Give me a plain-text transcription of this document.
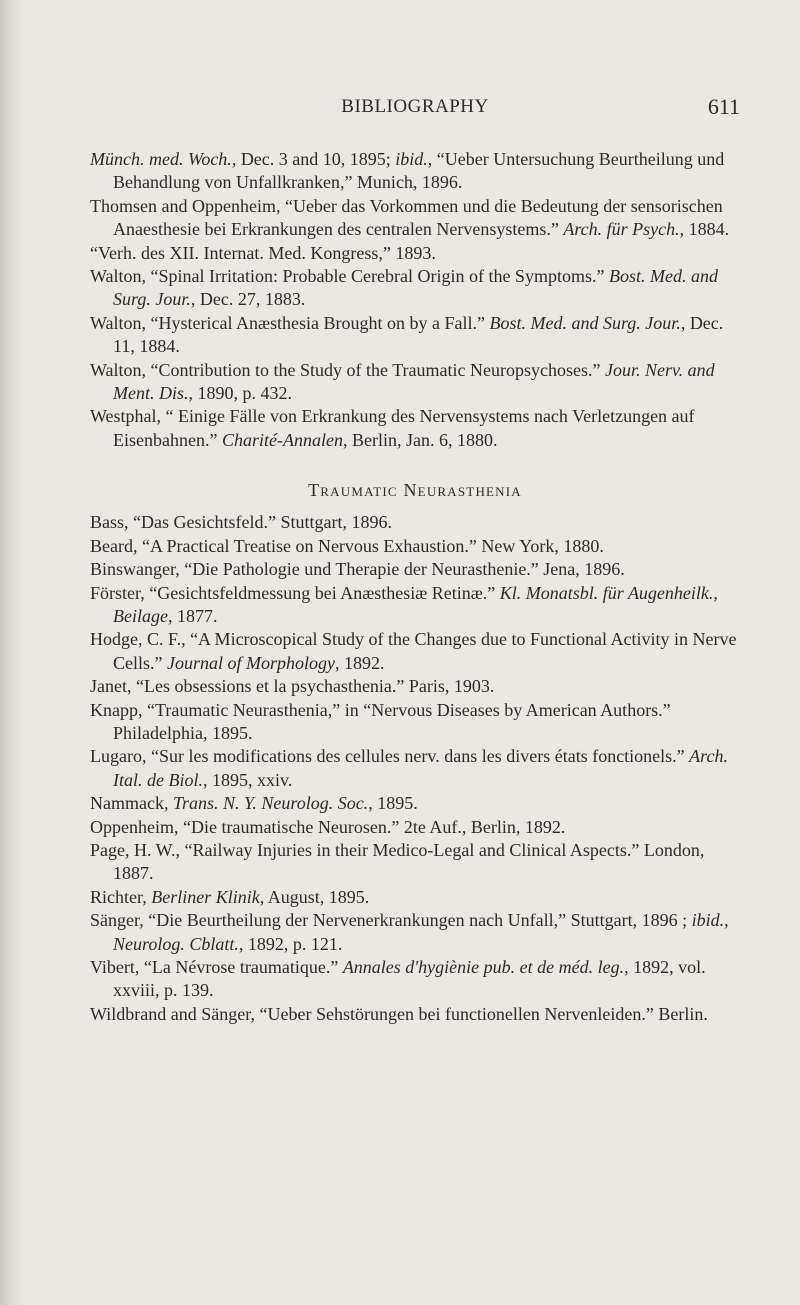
BIBLIOGRAPHY	611

Münch. med. Woch., Dec. 3 and 10, 1895; ibid., “Ueber Untersuchung Beurtheilung und Behandlung von Unfallkranken,” Munich, 1896.

Thomsen and Oppenheim, “Ueber das Vorkommen und die Bedeutung der sensorischen Anaesthesie bei Erkrankungen des centralen Nervensystems.” Arch. für Psych., 1884.

“Verh. des XII. Internat. Med. Kongress,” 1893.

Walton, “Spinal Irritation: Probable Cerebral Origin of the Symptoms.” Bost. Med. and Surg. Jour., Dec. 27, 1883.

Walton, “Hysterical Anæsthesia Brought on by a Fall.” Bost. Med. and Surg. Jour., Dec. 11, 1884.

Walton, “Contribution to the Study of the Traumatic Neuropsychoses.” Jour. Nerv. and Ment. Dis., 1890, p. 432.

Westphal, “ Einige Fälle von Erkrankung des Nervensystems nach Verletzungen auf Eisenbahnen.” Charité-Annalen, Berlin, Jan. 6, 1880.

Traumatic Neurasthenia

Bass, “Das Gesichtsfeld.” Stuttgart, 1896.

Beard, “A Practical Treatise on Nervous Exhaustion.” New York, 1880.

Binswanger, “Die Pathologie und Therapie der Neurasthenie.” Jena, 1896.

Förster, “Gesichtsfeldmessung bei Anæsthesiæ Retinæ.” Kl. Monatsbl. für Augenheilk., Beilage, 1877.

Hodge, C. F., “A Microscopical Study of the Changes due to Functional Activity in Nerve Cells.” Journal of Morphology, 1892.

Janet, “Les obsessions et la psychasthenia.” Paris, 1903.

Knapp, “Traumatic Neurasthenia,” in “Nervous Diseases by American Authors.” Philadelphia, 1895.

Lugaro, “Sur les modifications des cellules nerv. dans les divers états fonctionels.” Arch. Ital. de Biol., 1895, xxiv.

Nammack, Trans. N. Y. Neurolog. Soc., 1895.

Oppenheim, “Die traumatische Neurosen.” 2te Auf., Berlin, 1892.

Page, H. W., “Railway Injuries in their Medico-Legal and Clinical Aspects.” London, 1887.

Richter, Berliner Klinik, August, 1895.

Sänger, “Die Beurtheilung der Nervenerkrankungen nach Unfall,” Stuttgart, 1896 ; ibid., Neurolog. Cblatt., 1892, p. 121.

Vibert, “La Névrose traumatique.” Annales d'hygiènie pub. et de méd. leg., 1892, vol. xxviii, p. 139.

Wildbrand and Sänger, “Ueber Sehstörungen bei functionellen Nervenleiden.” Berlin.
